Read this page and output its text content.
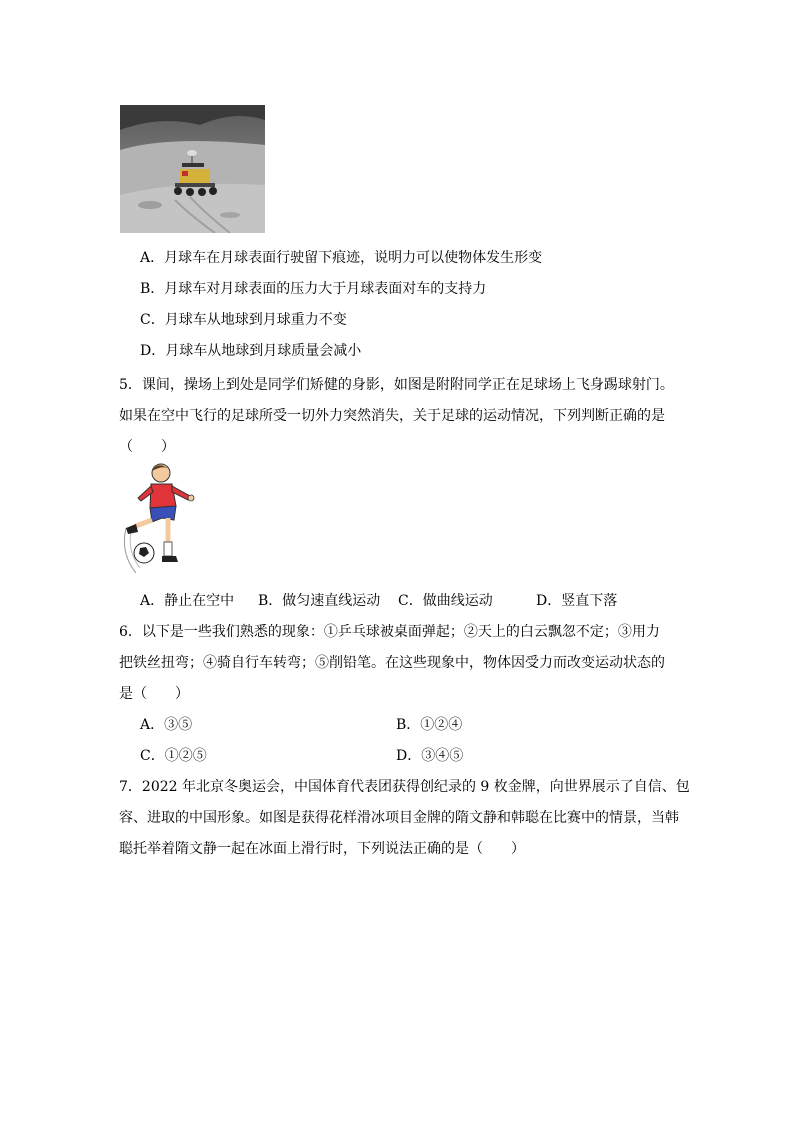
A．月球车在月球表面行驶留下痕迹，说明力可以使物体发生形变
B．月球车对月球表面的压力大于月球表面对车的支持力
C．月球车从地球到月球重力不变
D．月球车从地球到月球质量会减小
5．课间，操场上到处是同学们矫健的身影，如图是附附同学正在足球场上飞身踢球射门。
如果在空中飞行的足球所受一切外力突然消失，关于足球的运动情况，下列判断正确的是
（　　）
A．静止在空中 B．做匀速直线运动 C．做曲线运动	D．竖直下落
6．以下是一些我们熟悉的现象：①乒乓球被桌面弹起；②天上的白云飘忽不定；③用力
把铁丝扭弯；④骑自行车转弯；⑤削铅笔。在这些现象中，物体因受力而改变运动状态的
是（　　）
A．③⑤	B．①②④
C．①②⑤	D．③④⑤
7．2022 年北京冬奥运会，中国体育代表团获得创纪录的 9 枚金牌，向世界展示了自信、包
容、进取的中国形象。如图是获得花样滑冰项目金牌的隋文静和韩聪在比赛中的情景，当韩
聪托举着隋文静一起在冰面上滑行时，下列说法正确的是（　　）
